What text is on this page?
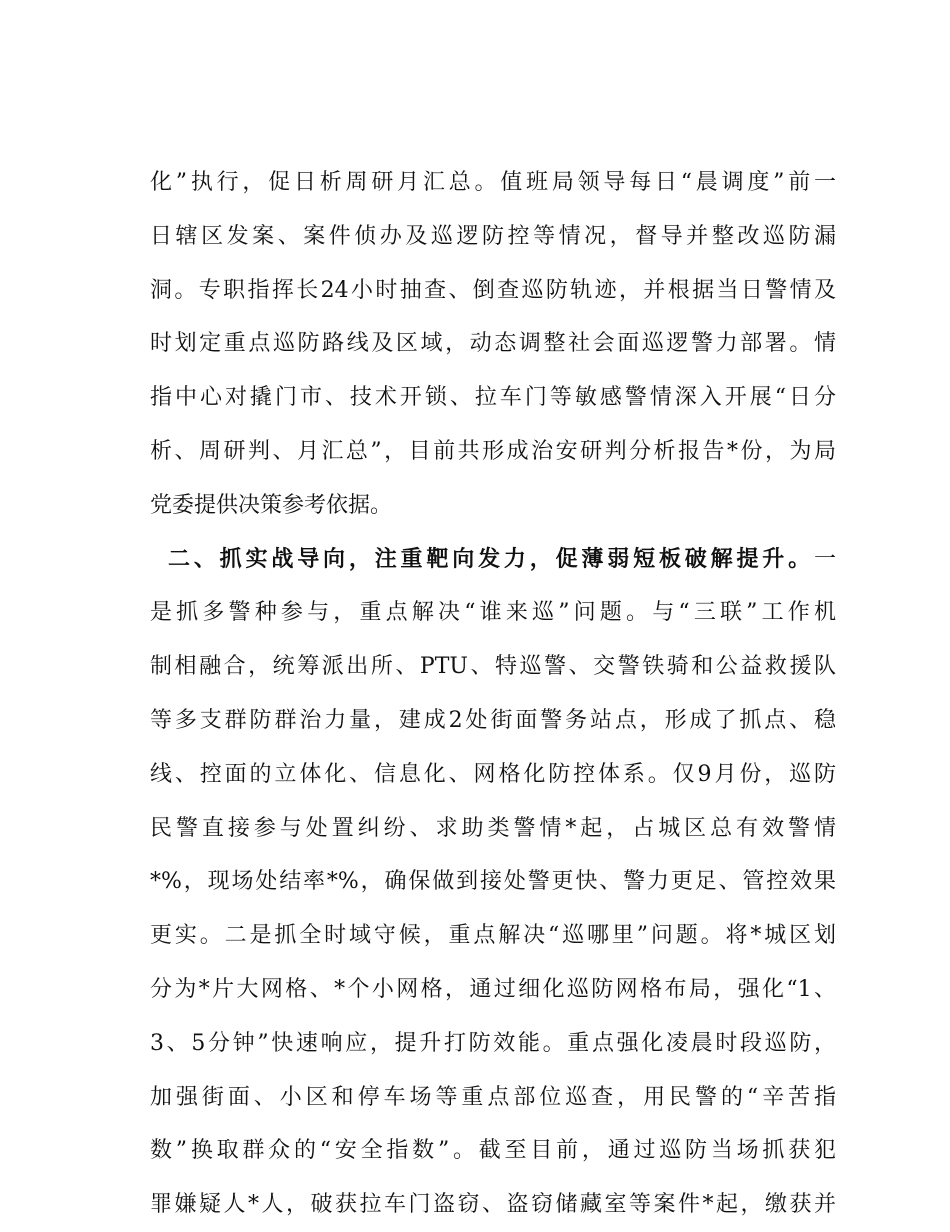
化”执行，促日析周研月汇总。值班局领导每日“晨调度”前一
日辖区发案、案件侦办及巡逻防控等情况，督导并整改巡防漏
洞。专职指挥长24小时抽查、倒查巡防轨迹，并根据当日警情及
时划定重点巡防路线及区域，动态调整社会面巡逻警力部署。情
指中心对撬门市、技术开锁、拉车门等敏感警情深入开展“日分
析、周研判、月汇总”，目前共形成治安研判分析报告*份，为局
党委提供决策参考依据。
二、抓实战导向，注重靶向发力，促薄弱短板破解提升。一
是抓多警种参与，重点解决“谁来巡”问题。与“三联”工作机
制相融合，统筹派出所、PTU、特巡警、交警铁骑和公益救援队
等多支群防群治力量，建成2处街面警务站点，形成了抓点、稳
线、控面的立体化、信息化、网格化防控体系。仅9月份，巡防
民警直接参与处置纠纷、求助类警情*起，占城区总有效警情
*%，现场处结率*%，确保做到接处警更快、警力更足、管控效果
更实。二是抓全时域守候，重点解决“巡哪里”问题。将*城区划
分为*片大网格、*个小网格，通过细化巡防网格布局，强化“1、
3、5分钟”快速响应，提升打防效能。重点强化凌晨时段巡防，
加强街面、小区和停车场等重点部位巡查，用民警的“辛苦指
数”换取群众的“安全指数”。截至目前，通过巡防当场抓获犯
罪嫌疑人*人，破获拉车门盗窃、盗窃储藏室等案件*起，缴获并
